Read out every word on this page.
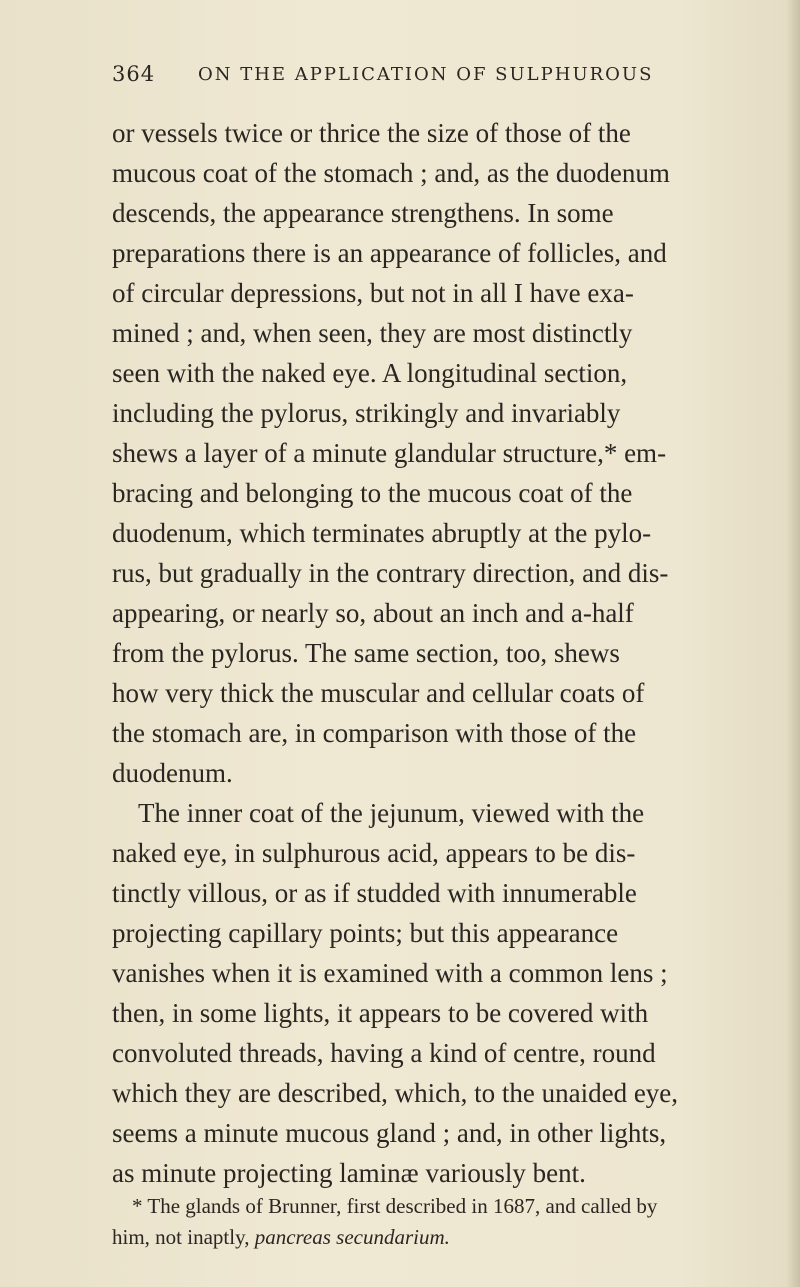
364 ON THE APPLICATION OF SULPHUROUS
or vessels twice or thrice the size of those of the
mucous coat of the stomach ; and, as the duodenum
descends, the appearance strengthens. In some
preparations there is an appearance of follicles, and
of circular depressions, but not in all I have exa-
mined ; and, when seen, they are most distinctly
seen with the naked eye. A longitudinal section,
including the pylorus, strikingly and invariably
shews a layer of a minute glandular structure,* em-
bracing and belonging to the mucous coat of the
duodenum, which terminates abruptly at the pylo-
rus, but gradually in the contrary direction, and dis-
appearing, or nearly so, about an inch and a-half
from the pylorus. The same section, too, shews
how very thick the muscular and cellular coats of
the stomach are, in comparison with those of the
duodenum.
The inner coat of the jejunum, viewed with the
naked eye, in sulphurous acid, appears to be dis-
tinctly villous, or as if studded with innumerable
projecting capillary points; but this appearance
vanishes when it is examined with a common lens ;
then, in some lights, it appears to be covered with
convoluted threads, having a kind of centre, round
which they are described, which, to the unaided eye,
seems a minute mucous gland ; and, in other lights,
as minute projecting laminæ variously bent.
* The glands of Brunner, first described in 1687, and called by
him, not inaptly, pancreas secundarium.
